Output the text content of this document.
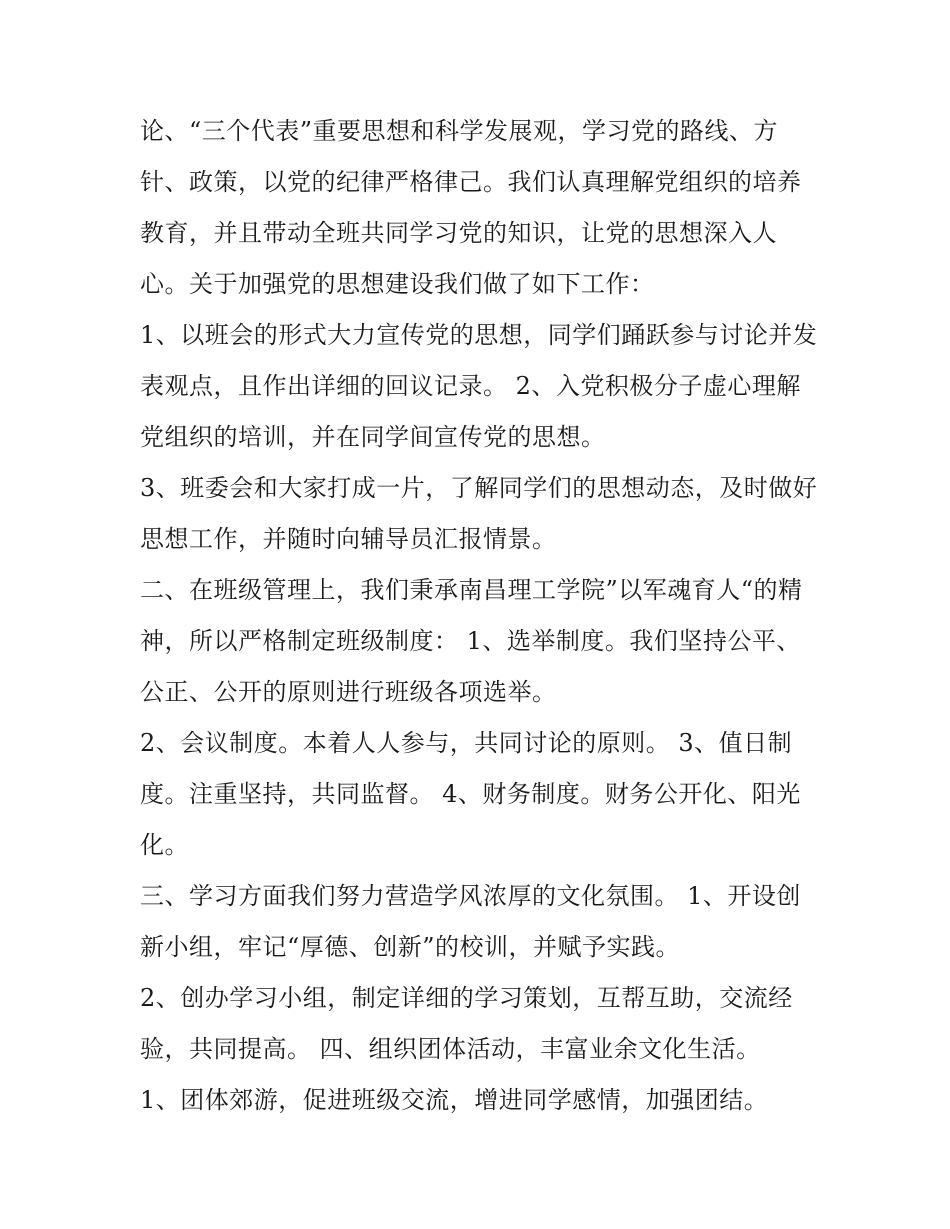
论、“三个代表”重要思想和科学发展观，学习党的路线、方针、政策，以党的纪律严格律己。我们认真理解党组织的培养教育，并且带动全班共同学习党的知识，让党的思想深入人心。关于加强党的思想建设我们做了如下工作：

1、以班会的形式大力宣传党的思想，同学们踊跃参与讨论并发表观点，且作出详细的回议记录。 2、入党积极分子虚心理解党组织的培训，并在同学间宣传党的思想。

3、班委会和大家打成一片，了解同学们的思想动态，及时做好思想工作，并随时向辅导员汇报情景。

二、在班级管理上，我们秉承南昌理工学院”以军魂育人“的精神，所以严格制定班级制度： 1、选举制度。我们坚持公平、公正、公开的原则进行班级各项选举。

2、会议制度。本着人人参与，共同讨论的原则。 3、值日制度。注重坚持，共同监督。 4、财务制度。财务公开化、阳光化。

三、学习方面我们努力营造学风浓厚的文化氛围。 1、开设创新小组，牢记“厚德、创新”的校训，并赋予实践。

2、创办学习小组，制定详细的学习策划，互帮互助，交流经验，共同提高。 四、组织团体活动，丰富业余文化生活。

1、团体郊游，促进班级交流，增进同学感情，加强团结。
